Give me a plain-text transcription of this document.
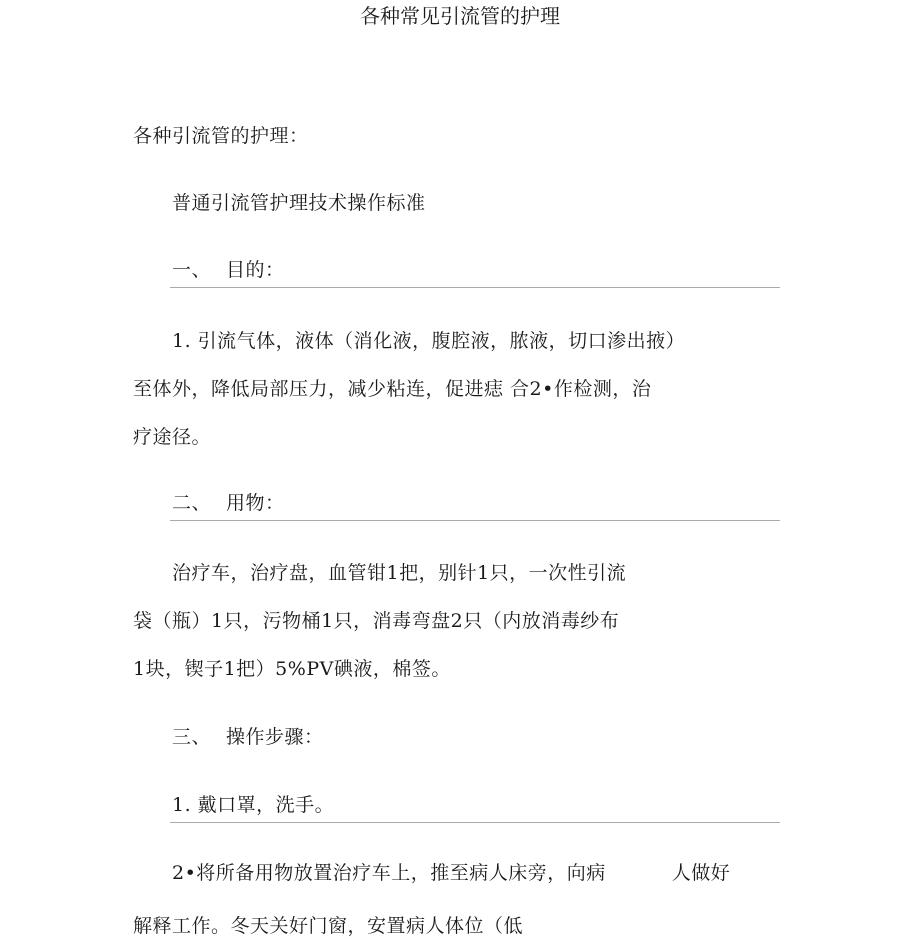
各种常见引流管的护理
各种引流管的护理：
普通引流管护理技术操作标准
一、 目的：
1. 引流气体，液体（消化液，腹腔液，脓液，切口渗出掖）
至体外，降低局部压力，减少粘连，促进痣 合2•作检测，治
疗途径。
二、 用物：
治疗车，治疗盘，血管钳1把，别针1只，一次性引流
袋（瓶）1只，污物桶1只，消毒弯盘2只（内放消毒纱布
1块，锲子1把）5%PV碘液，棉签。
三、 操作步骤：
1. 戴口罩，洗手。
2•将所备用物放置治疗车上，推至病人床旁，向病	人做好
解释工作。冬天关好门窗，安置病人体位（低
